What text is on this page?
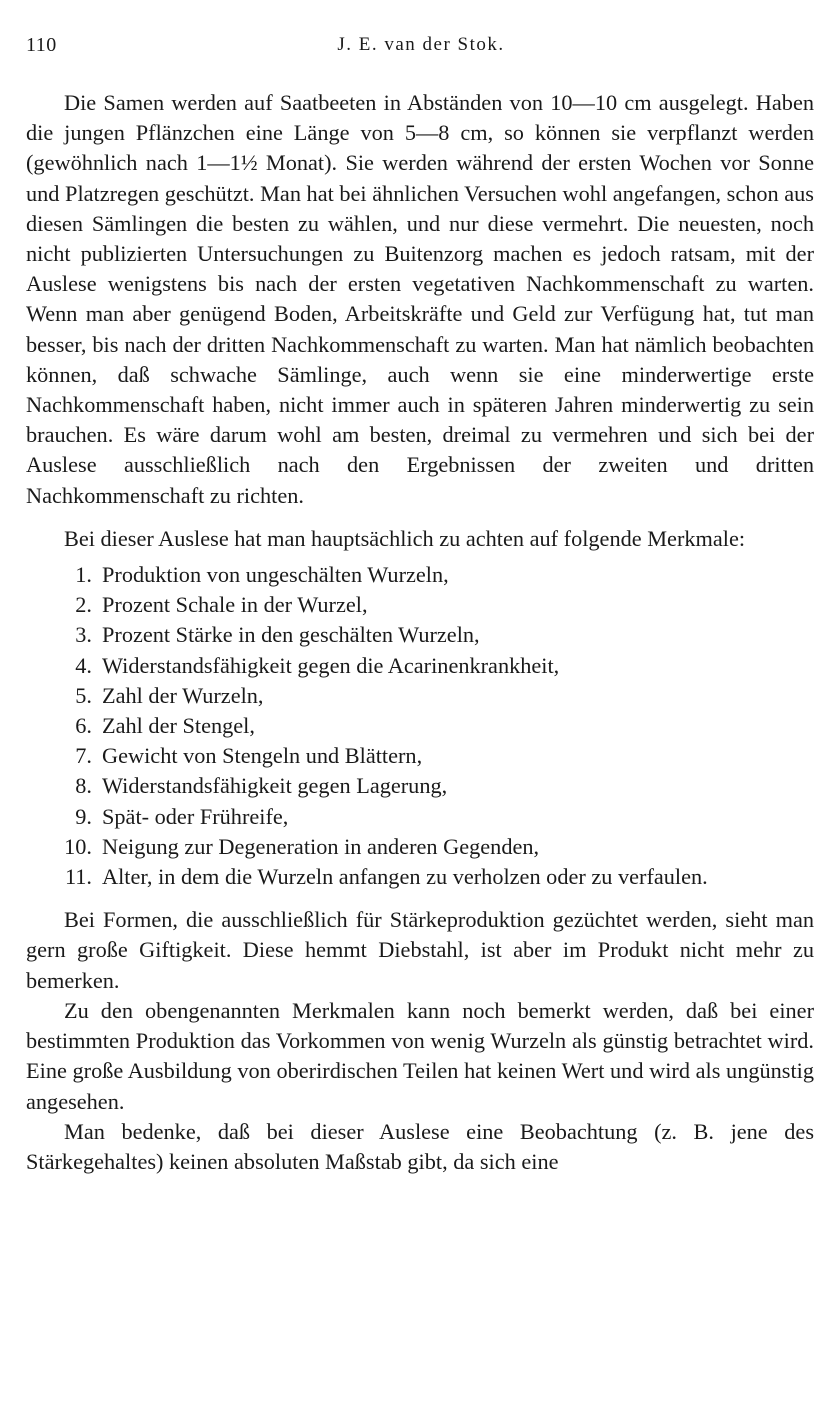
110	J. E. van der Stok.

Die Samen werden auf Saatbeeten in Abständen von 10—10 cm ausgelegt. Haben die jungen Pflänzchen eine Länge von 5—8 cm, so können sie verpflanzt werden (gewöhnlich nach 1—1½ Monat). Sie werden während der ersten Wochen vor Sonne und Platzregen geschützt. Man hat bei ähnlichen Versuchen wohl angefangen, schon aus diesen Sämlingen die besten zu wählen, und nur diese vermehrt. Die neuesten, noch nicht publizierten Untersuchungen zu Buitenzorg machen es jedoch ratsam, mit der Auslese wenigstens bis nach der ersten vegetativen Nachkommenschaft zu warten. Wenn man aber genügend Boden, Arbeitskräfte und Geld zur Verfügung hat, tut man besser, bis nach der dritten Nachkommenschaft zu warten. Man hat nämlich beobachten können, daß schwache Sämlinge, auch wenn sie eine minderwertige erste Nachkommenschaft haben, nicht immer auch in späteren Jahren minderwertig zu sein brauchen. Es wäre darum wohl am besten, dreimal zu vermehren und sich bei der Auslese ausschließlich nach den Ergebnissen der zweiten und dritten Nachkommenschaft zu richten.

Bei dieser Auslese hat man hauptsächlich zu achten auf folgende Merkmale:

1. Produktion von ungeschälten Wurzeln,
2. Prozent Schale in der Wurzel,
3. Prozent Stärke in den geschälten Wurzeln,
4. Widerstandsfähigkeit gegen die Acarinenkrankheit,
5. Zahl der Wurzeln,
6. Zahl der Stengel,
7. Gewicht von Stengeln und Blättern,
8. Widerstandsfähigkeit gegen Lagerung,
9. Spät- oder Frühreife,
10. Neigung zur Degeneration in anderen Gegenden,
11. Alter, in dem die Wurzeln anfangen zu verholzen oder zu verfaulen.

Bei Formen, die ausschließlich für Stärkeproduktion gezüchtet werden, sieht man gern große Giftigkeit. Diese hemmt Diebstahl, ist aber im Produkt nicht mehr zu bemerken.

Zu den obengenannten Merkmalen kann noch bemerkt werden, daß bei einer bestimmten Produktion das Vorkommen von wenig Wurzeln als günstig betrachtet wird. Eine große Ausbildung von oberirdischen Teilen hat keinen Wert und wird als ungünstig angesehen.

Man bedenke, daß bei dieser Auslese eine Beobachtung (z. B. jene des Stärkegehaltes) keinen absoluten Maßstab gibt, da sich eine
